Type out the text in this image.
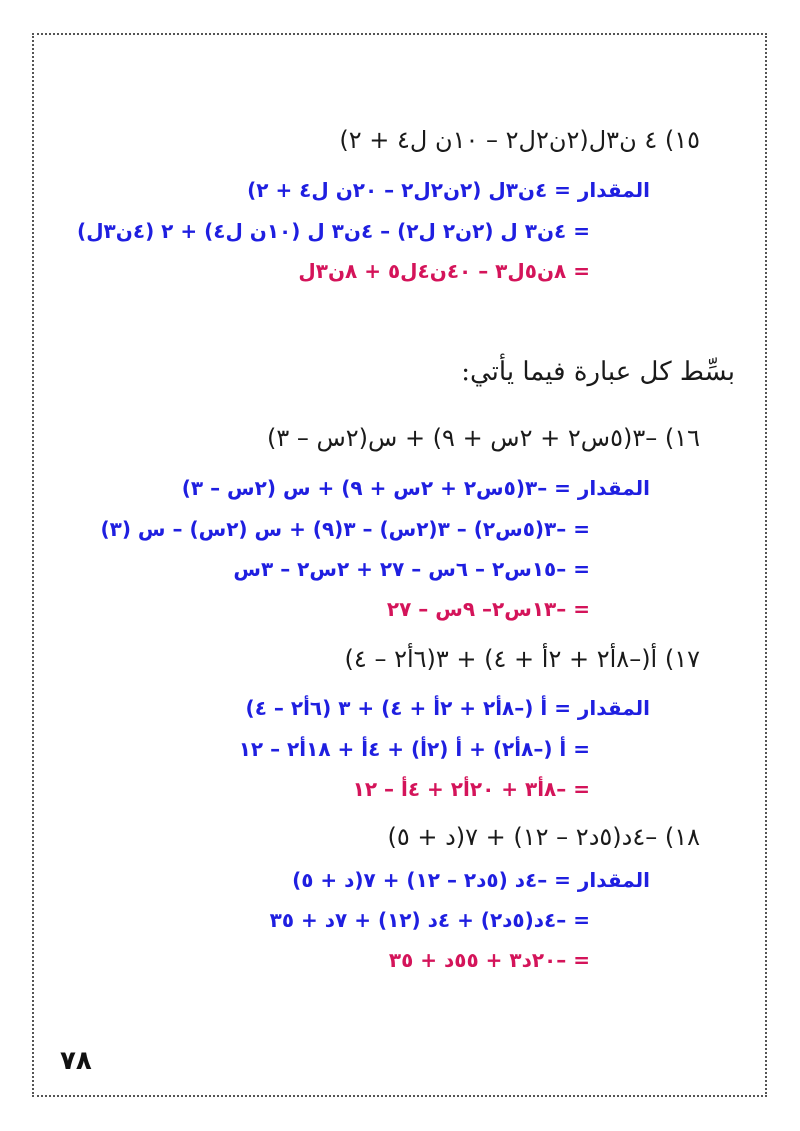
١٥) ٤ ن٣ل(٢ن٢ل٢ – ١٠ن ل٤ + ٢)
المقدار = ٤ن٣ل (٢ن٢ل٢ – ٢٠ن ل٤ + ٢)
= ٤ن٣ ل (٢ن٢ ل٢) – ٤ن٣ ل (١٠ن ل٤) + ٢ (٤ن٣ل)
= ٨ن٥ل٣ – ٤٠ن٤ل٥ + ٨ن٣ل
بسِّط كل عبارة فيما يأتي:
١٦) –٣(٥س٢ + ٢س + ٩) + س(٢س – ٣)
المقدار = –٣(٥س٢ + ٢س + ٩) + س (٢س – ٣)
= –٣(٥س٢) – ٣(٢س) – ٣(٩) + س (٢س) – س (٣)
= –١٥س٢ – ٦س – ٢٧ + ٢س٢ – ٣س
= –١٣س٢– ٩س – ٢٧
١٧) أ(–٨أ٢ + ٢أ + ٤) + ٣(٦أ٢ – ٤)
المقدار = أ (–٨أ٢ + ٢أ + ٤) + ٣ (٦أ٢ – ٤)
= أ (–٨أ٢) + أ (٢أ) + ٤أ + ١٨أ٢ – ١٢
= –٨أ٣ + ٢٠أ٢ + ٤أ – ١٢
١٨) –٤د(٥د٢ – ١٢) + ٧(د + ٥)
المقدار = –٤د (٥د٢ – ١٢) + ٧(د + ٥)
= –٤د(٥د٢) + ٤د (١٢) + ٧د + ٣٥
= –٢٠د٣ + ٥٥د + ٣٥
٧٨
